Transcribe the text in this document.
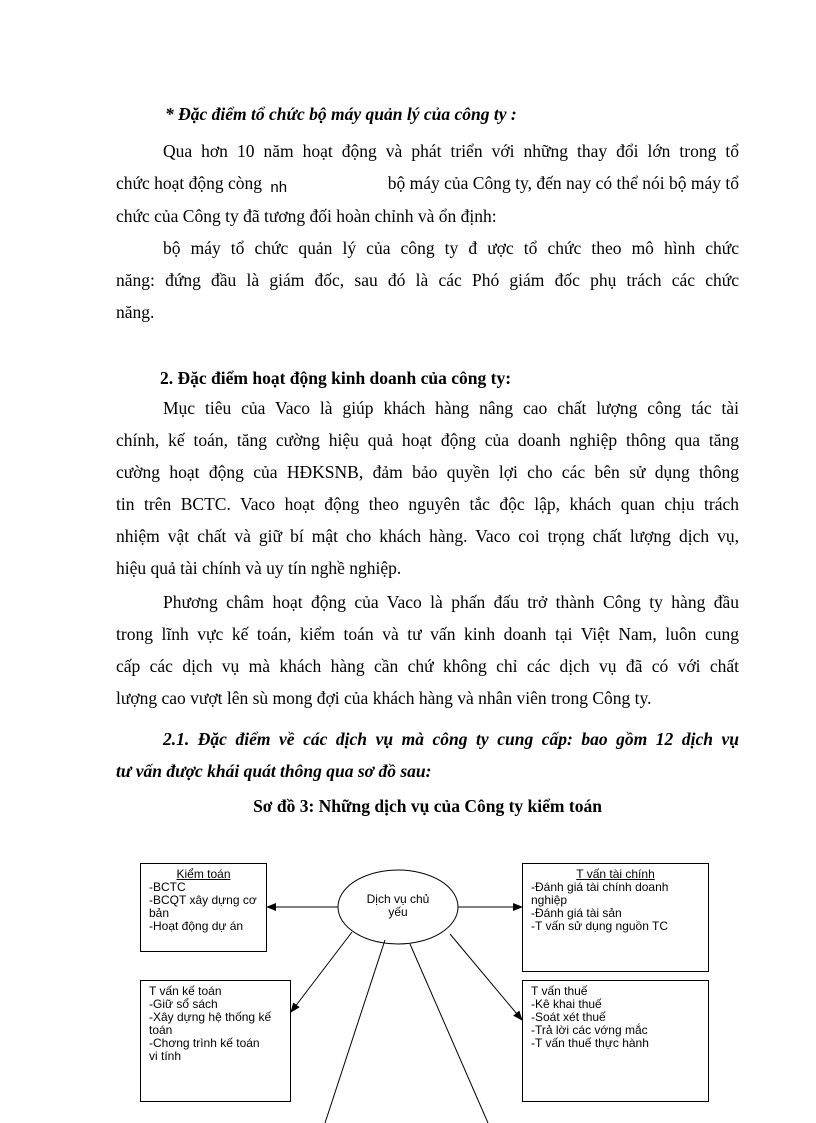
* Đặc điểm tổ chức bộ máy quản lý của công ty :
Qua hơn 10 năm hoạt động và phát triển với những thay đổi lớn trong tổ
chức hoạt động còng nh	bộ máy của Công ty, đến nay có thể nói bộ máy tổ
chức của Công ty đã tương đối hoàn chỉnh và ổn định:
bộ máy tổ chức quản lý của công ty đ ược tổ chức theo mô hình chức
năng: đứng đầu là giám đốc, sau đó là các Phó giám đốc phụ trách các chức
năng.
2. Đặc điểm hoạt động kinh doanh của công ty:
Mục tiêu của Vaco là giúp khách hàng nâng cao chất lượng công tác tài
chính, kế toán, tăng cường hiệu quả hoạt động của doanh nghiệp thông qua tăng
cường hoạt động của HĐKSNB, đảm bảo quyền lợi cho các bên sử dụng thông
tin trên BCTC. Vaco hoạt động theo nguyên tắc độc lập, khách quan chịu trách
nhiệm vật chất và giữ bí mật cho khách hàng. Vaco coi trọng chất lượng dịch vụ,
hiệu quả tài chính và uy tín nghề nghiệp.
Phương châm hoạt động của Vaco là phấn đấu trở thành Công ty hàng đầu
trong lĩnh vực kế toán, kiểm toán và tư vấn kinh doanh tại Việt Nam, luôn cung
cấp các dịch vụ mà khách hàng cần chứ không chỉ các dịch vụ đã có với chất
lượng cao vượt lên sù mong đợi của khách hàng và nhân viên trong Công ty.
2.1. Đặc điểm về các dịch vụ mà công ty cung cấp: bao gồm 12 dịch vụ
tư vấn được khái quát thông qua sơ đồ sau:
Sơ đồ 3: Những dịch vụ của Công ty kiểm toán
Dịch vụ chủ
yếu
Kiểm toán
-BCTC
-BCQT xây dựng cơ
bản
-Hoạt động dự án
T vấn tài chính
-Đánh giá tài chính doanh
nghiệp
-Đánh giá tài sản
-T vấn sử dụng nguồn TC
T vấn kế toán
-Giữ sổ sách
-Xây dựng hệ thống kế
toán
-Chơng trình kế toán
vi tính
T vấn thuế
-Kê khai thuế
-Soát xét thuế
-Trả lời các vớng mắc
-T vấn thuế thực hành
